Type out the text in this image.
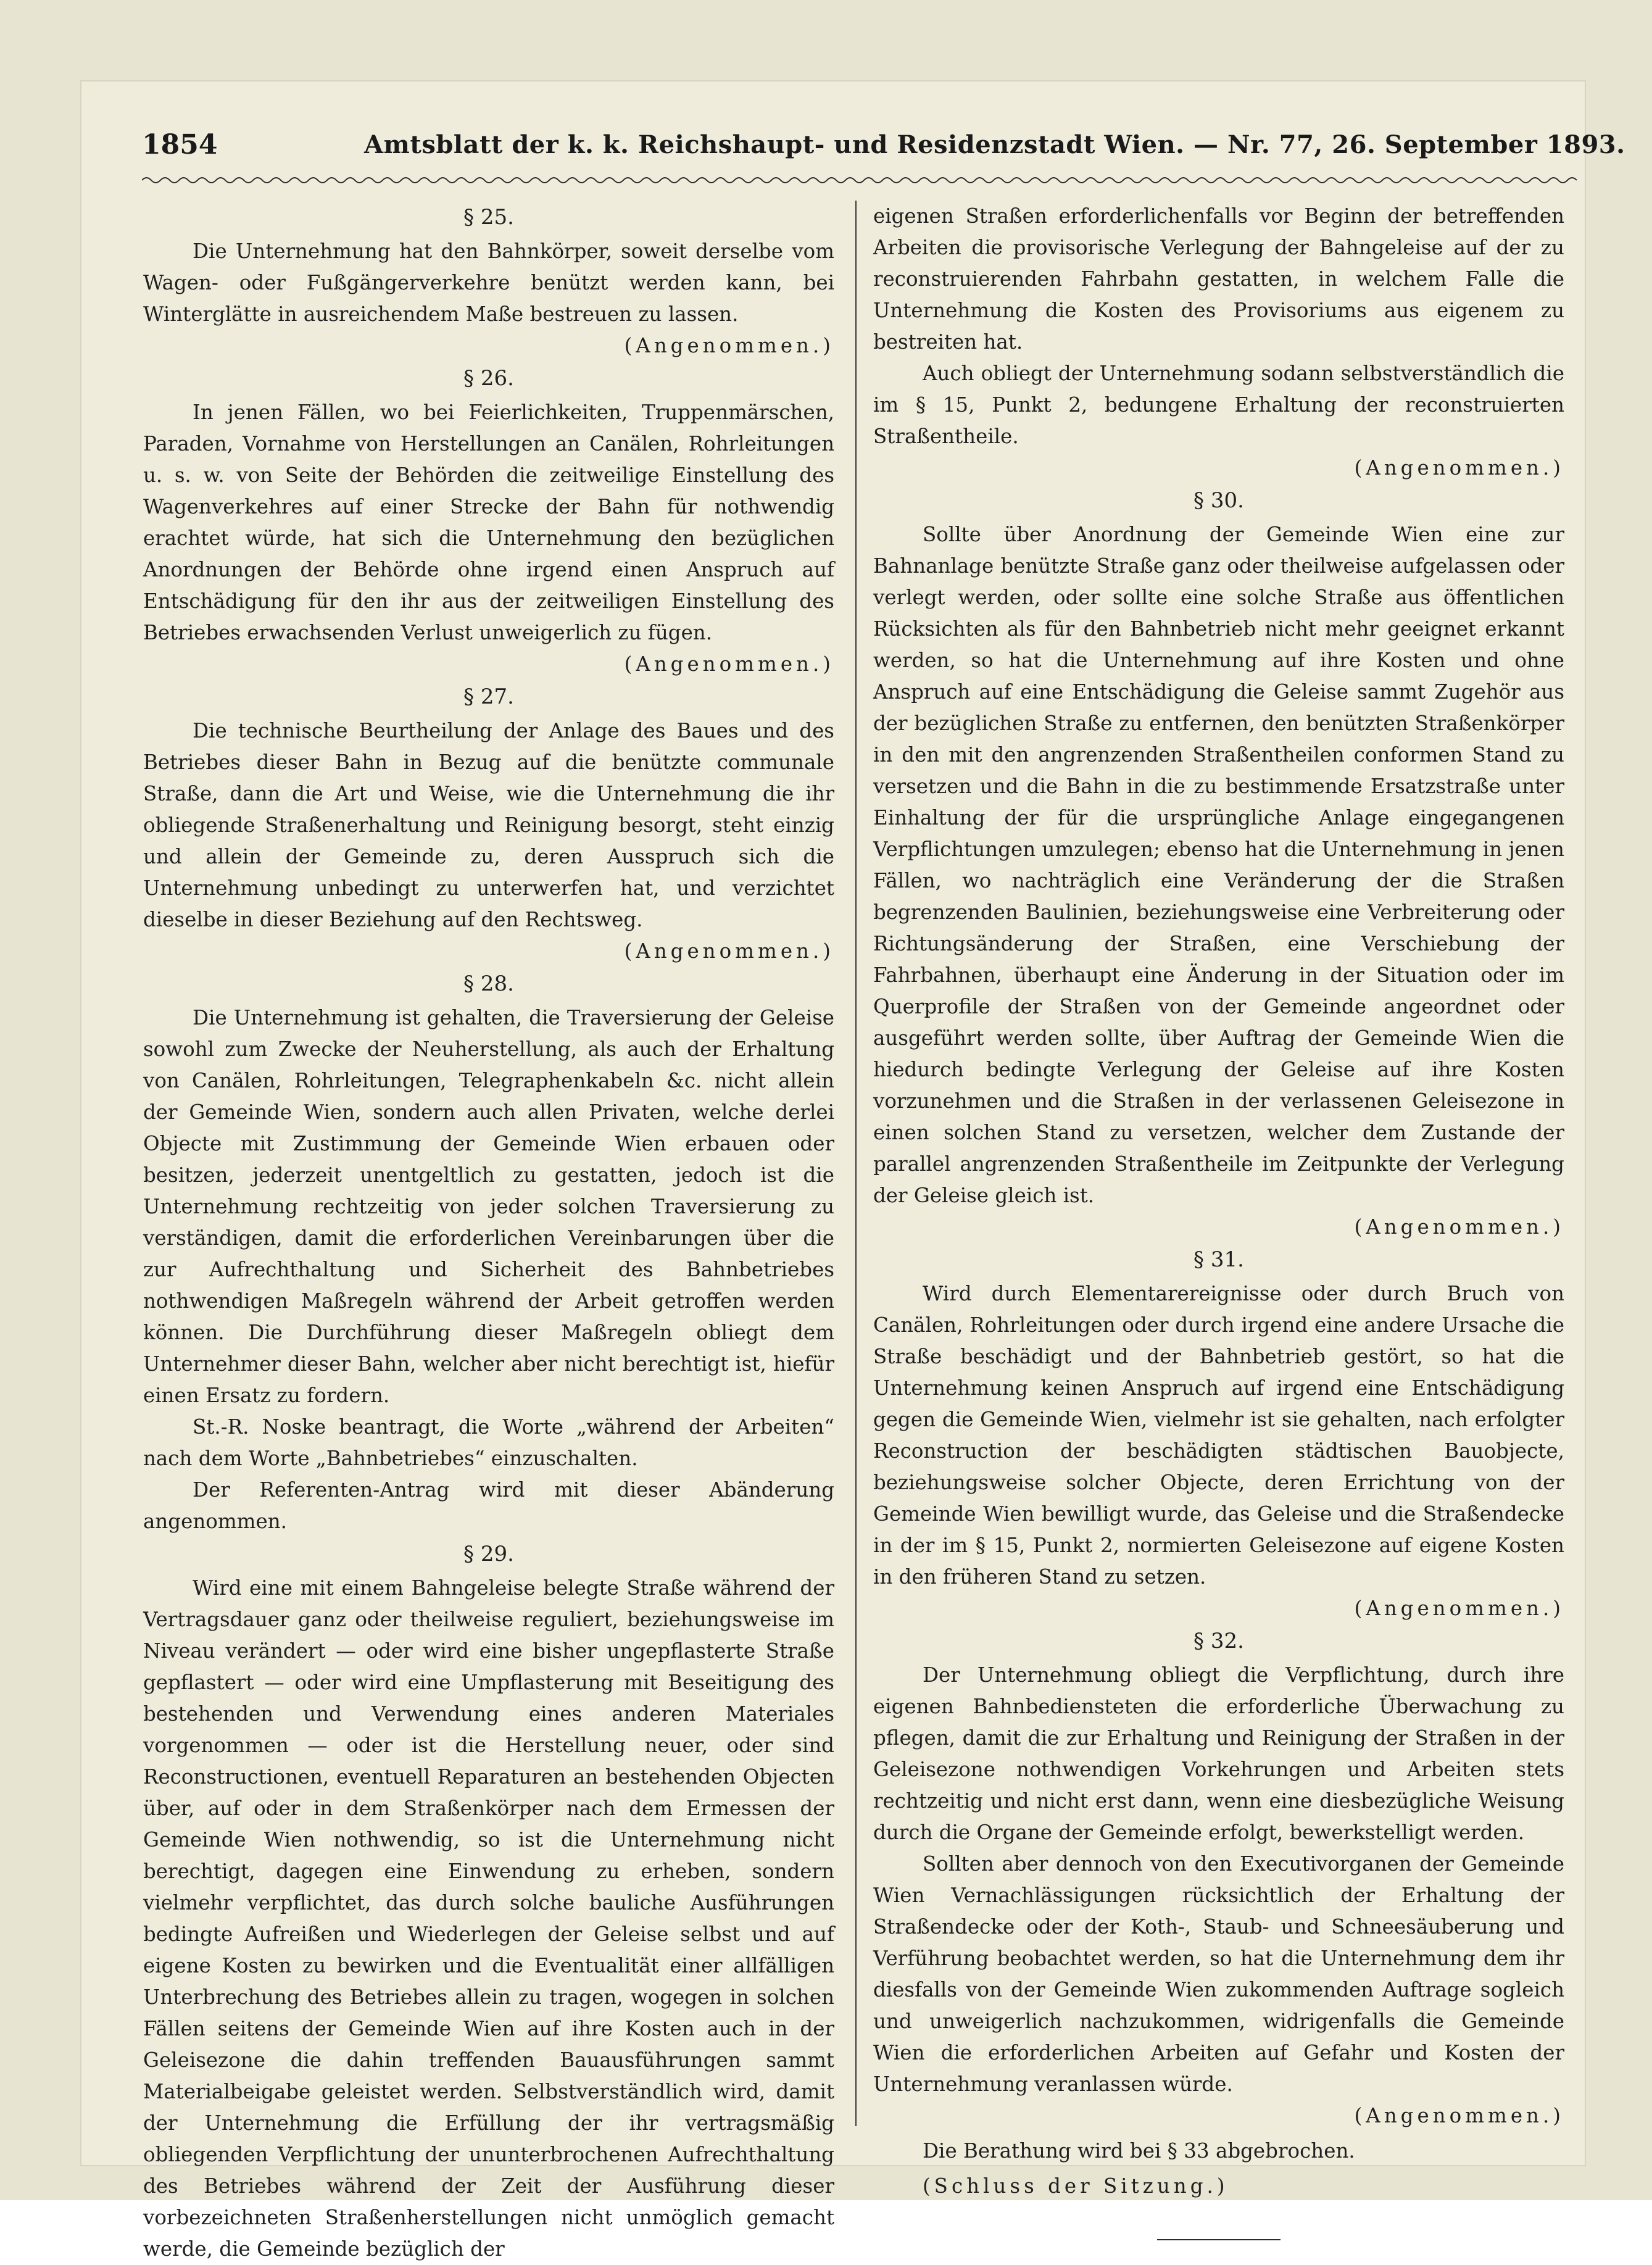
1854	Amtsblatt der k. k. Reichshaupt- und Residenzstadt Wien. — Nr. 77, 26. September 1893.

§ 25.

Die Unternehmung hat den Bahnkörper, soweit derselbe vom Wagen- oder Fußgängerverkehre benützt werden kann, bei Winterglätte in ausreichendem Maße bestreuen zu lassen.

(Angenommen.)

§ 26.

In jenen Fällen, wo bei Feierlichkeiten, Truppenmärschen, Paraden, Vornahme von Herstellungen an Canälen, Rohrleitungen u. s. w. von Seite der Behörden die zeitweilige Einstellung des Wagenverkehres auf einer Strecke der Bahn für nothwendig erachtet würde, hat sich die Unternehmung den bezüglichen Anordnungen der Behörde ohne irgend einen Anspruch auf Entschädigung für den ihr aus der zeitweiligen Einstellung des Betriebes erwachsenden Verlust unweigerlich zu fügen.

(Angenommen.)

§ 27.

Die technische Beurtheilung der Anlage des Baues und des Betriebes dieser Bahn in Bezug auf die benützte communale Straße, dann die Art und Weise, wie die Unternehmung die ihr obliegende Straßenerhaltung und Reinigung besorgt, steht einzig und allein der Gemeinde zu, deren Ausspruch sich die Unternehmung unbedingt zu unterwerfen hat, und verzichtet dieselbe in dieser Beziehung auf den Rechtsweg.

(Angenommen.)

§ 28.

Die Unternehmung ist gehalten, die Traversierung der Geleise sowohl zum Zwecke der Neuherstellung, als auch der Erhaltung von Canälen, Rohrleitungen, Telegraphenkabeln &c. nicht allein der Gemeinde Wien, sondern auch allen Privaten, welche derlei Objecte mit Zustimmung der Gemeinde Wien erbauen oder besitzen, jederzeit unentgeltlich zu gestatten, jedoch ist die Unternehmung rechtzeitig von jeder solchen Traversierung zu verständigen, damit die erforderlichen Vereinbarungen über die zur Aufrechthaltung und Sicherheit des Bahnbetriebes nothwendigen Maßregeln während der Arbeit getroffen werden können. Die Durchführung dieser Maßregeln obliegt dem Unternehmer dieser Bahn, welcher aber nicht berechtigt ist, hiefür einen Ersatz zu fordern.

St.-R. Noske beantragt, die Worte „während der Arbeiten“ nach dem Worte „Bahnbetriebes“ einzuschalten.

Der Referenten-Antrag wird mit dieser Abänderung angenommen.

§ 29.

Wird eine mit einem Bahngeleise belegte Straße während der Vertragsdauer ganz oder theilweise reguliert, beziehungsweise im Niveau verändert — oder wird eine bisher ungepflasterte Straße gepflastert — oder wird eine Umpflasterung mit Beseitigung des bestehenden und Verwendung eines anderen Materiales vorgenommen — oder ist die Herstellung neuer, oder sind Reconstructionen, eventuell Reparaturen an bestehenden Objecten über, auf oder in dem Straßenkörper nach dem Ermessen der Gemeinde Wien nothwendig, so ist die Unternehmung nicht berechtigt, dagegen eine Einwendung zu erheben, sondern vielmehr verpflichtet, das durch solche bauliche Ausführungen bedingte Aufreißen und Wiederlegen der Geleise selbst und auf eigene Kosten zu bewirken und die Eventualität einer allfälligen Unterbrechung des Betriebes allein zu tragen, wogegen in solchen Fällen seitens der Gemeinde Wien auf ihre Kosten auch in der Geleisezone die dahin treffenden Bauausführungen sammt Materialbeigabe geleistet werden. Selbstverständlich wird, damit der Unternehmung die Erfüllung der ihr vertragsmäßig obliegenden Verpflichtung der ununterbrochenen Aufrechthaltung des Betriebes während der Zeit der Ausführung dieser vorbezeichneten Straßenherstellungen nicht unmöglich gemacht werde, die Gemeinde bezüglich der

eigenen Straßen erforderlichenfalls vor Beginn der betreffenden Arbeiten die provisorische Verlegung der Bahngeleise auf der zu reconstruierenden Fahrbahn gestatten, in welchem Falle die Unternehmung die Kosten des Provisoriums aus eigenem zu bestreiten hat.

Auch obliegt der Unternehmung sodann selbstverständlich die im § 15, Punkt 2, bedungene Erhaltung der reconstruierten Straßentheile.

(Angenommen.)

§ 30.

Sollte über Anordnung der Gemeinde Wien eine zur Bahnanlage benützte Straße ganz oder theilweise aufgelassen oder verlegt werden, oder sollte eine solche Straße aus öffentlichen Rücksichten als für den Bahnbetrieb nicht mehr geeignet erkannt werden, so hat die Unternehmung auf ihre Kosten und ohne Anspruch auf eine Entschädigung die Geleise sammt Zugehör aus der bezüglichen Straße zu entfernen, den benützten Straßenkörper in den mit den angrenzenden Straßentheilen conformen Stand zu versetzen und die Bahn in die zu bestimmende Ersatzstraße unter Einhaltung der für die ursprüngliche Anlage eingegangenen Verpflichtungen umzulegen; ebenso hat die Unternehmung in jenen Fällen, wo nachträglich eine Veränderung der die Straßen begrenzenden Baulinien, beziehungsweise eine Verbreiterung oder Richtungsänderung der Straßen, eine Verschiebung der Fahrbahnen, überhaupt eine Änderung in der Situation oder im Querprofile der Straßen von der Gemeinde angeordnet oder ausgeführt werden sollte, über Auftrag der Gemeinde Wien die hiedurch bedingte Verlegung der Geleise auf ihre Kosten vorzunehmen und die Straßen in der verlassenen Geleisezone in einen solchen Stand zu versetzen, welcher dem Zustande der parallel angrenzenden Straßentheile im Zeitpunkte der Verlegung der Geleise gleich ist.

(Angenommen.)

§ 31.

Wird durch Elementarereignisse oder durch Bruch von Canälen, Rohrleitungen oder durch irgend eine andere Ursache die Straße beschädigt und der Bahnbetrieb gestört, so hat die Unternehmung keinen Anspruch auf irgend eine Entschädigung gegen die Gemeinde Wien, vielmehr ist sie gehalten, nach erfolgter Reconstruction der beschädigten städtischen Bauobjecte, beziehungsweise solcher Objecte, deren Errichtung von der Gemeinde Wien bewilligt wurde, das Geleise und die Straßendecke in der im § 15, Punkt 2, normierten Geleisezone auf eigene Kosten in den früheren Stand zu setzen.

(Angenommen.)

§ 32.

Der Unternehmung obliegt die Verpflichtung, durch ihre eigenen Bahnbediensteten die erforderliche Überwachung zu pflegen, damit die zur Erhaltung und Reinigung der Straßen in der Geleisezone nothwendigen Vorkehrungen und Arbeiten stets rechtzeitig und nicht erst dann, wenn eine diesbezügliche Weisung durch die Organe der Gemeinde erfolgt, bewerkstelligt werden.

Sollten aber dennoch von den Executivorganen der Gemeinde Wien Vernachlässigungen rücksichtlich der Erhaltung der Straßendecke oder der Koth-, Staub- und Schneesäuberung und Verführung beobachtet werden, so hat die Unternehmung dem ihr diesfalls von der Gemeinde Wien zukommenden Auftrage sogleich und unweigerlich nachzukommen, widrigenfalls die Gemeinde Wien die erforderlichen Arbeiten auf Gefahr und Kosten der Unternehmung veranlassen würde.

(Angenommen.)

Die Berathung wird bei § 33 abgebrochen.

(Schluss der Sitzung.)
